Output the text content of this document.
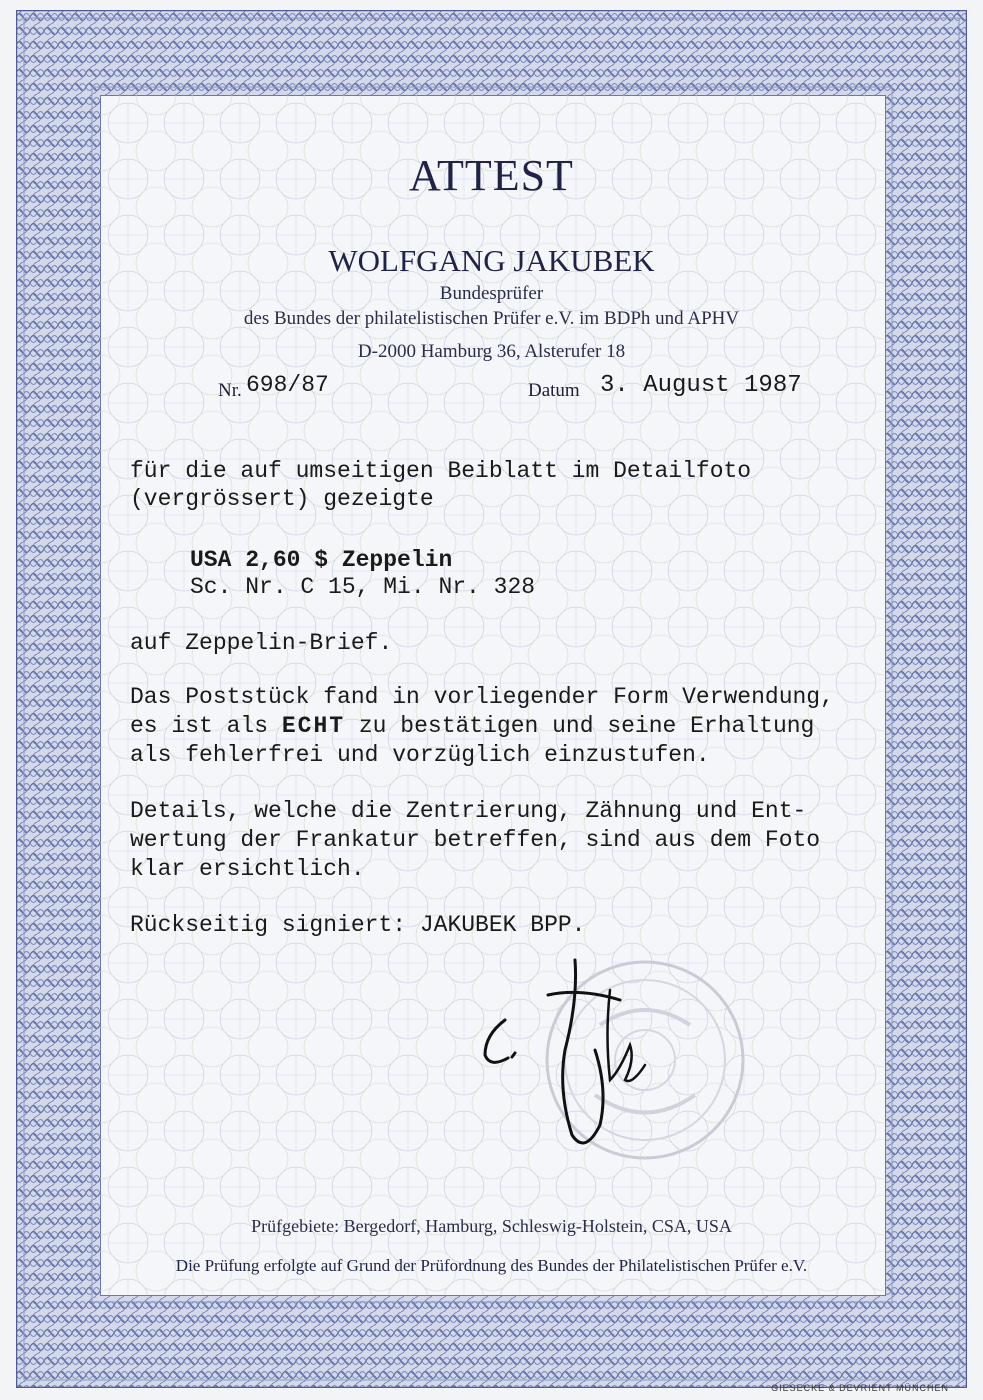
ATTEST
WOLFGANG JAKUBEK
Bundesprüfer
des Bundes der philatelistischen Prüfer e.V. im BDPh und APHV
D-2000 Hamburg 36, Alsterufer 18
Nr. 698/87	Datum 3. August 1987
für die auf umseitigen Beiblatt im Detailfoto
(vergrössert) gezeigte
USA 2,60 $ Zeppelin
Sc. Nr. C 15, Mi. Nr. 328
auf Zeppelin-Brief.
Das Poststück fand in vorliegender Form Verwendung,
es ist als ECHT zu bestätigen und seine Erhaltung
als fehlerfrei und vorzüglich einzustufen.
Details, welche die Zentrierung, Zähnung und Ent-
wertung der Frankatur betreffen, sind aus dem Foto
klar ersichtlich.
Rückseitig signiert: JAKUBEK BPP.
Prüfgebiete: Bergedorf, Hamburg, Schleswig-Holstein, CSA, USA
Die Prüfung erfolgte auf Grund der Prüfordnung des Bundes der Philatelistischen Prüfer e.V.
GIESECKE & DEVRIENT MÜNCHEN
